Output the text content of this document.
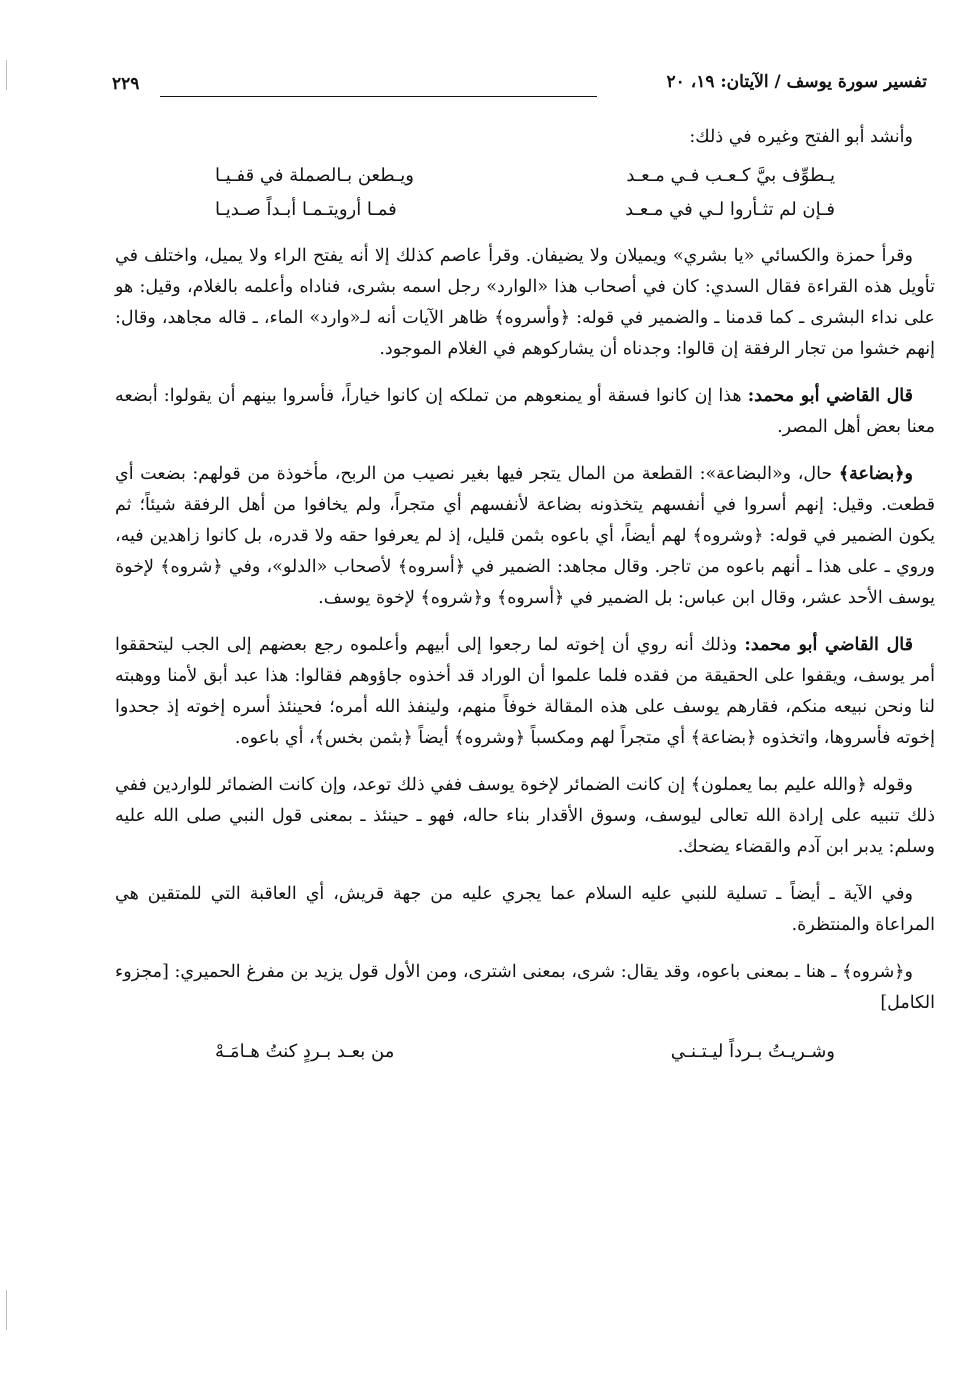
تفسير سورة يوسف / الآيتان: ١٩، ٢٠
٢٢٩

وأنشد أبو الفتح وغيره في ذلك:

يـطوِّف بيَّ كـعـب فـي مـعـد
ويـطعن بـالصملة في قفـيـا
فـإن لم تثـأروا لـي في مـعـد
فمـا أرويتـمـا أبـداً صـديـا

وقرأ حمزة والكسائي «يا بشري» ويميلان ولا يضيفان. وقرأ عاصم كذلك إلا أنه يفتح الراء ولا يميل، واختلف في تأويل هذه القراءة فقال السدي: كان في أصحاب هذا «الوارد» رجل اسمه بشرى، فناداه وأعلمه بالغلام، وقيل: هو على نداء البشرى ـ كما قدمنا ـ والضمير في قوله: ﴿وأسروه﴾ ظاهر الآيات أنه لـ«وارد» الماء، ـ قاله مجاهد، وقال: إنهم خشوا من تجار الرفقة إن قالوا: وجدناه أن يشاركوهم في الغلام الموجود.

قال القاضي أبو محمد: هذا إن كانوا فسقة أو يمنعوهم من تملكه إن كانوا خياراً، فأسروا بينهم أن يقولوا: أبضعه معنا بعض أهل المصر.

و﴿بضاعة﴾ حال، و«البضاعة»: القطعة من المال يتجر فيها بغير نصيب من الربح، مأخوذة من قولهم: بضعت أي قطعت. وقيل: إنهم أسروا في أنفسهم يتخذونه بضاعة لأنفسهم أي متجراً، ولم يخافوا من أهل الرفقة شيئاً؛ ثم يكون الضمير في قوله: ﴿وشروه﴾ لهم أيضاً، أي باعوه بثمن قليل، إذ لم يعرفوا حقه ولا قدره، بل كانوا زاهدين فيه، وروي ـ على هذا ـ أنهم باعوه من تاجر. وقال مجاهد: الضمير في ﴿أسروه﴾ لأصحاب «الدلو»، وفي ﴿شروه﴾ لإخوة يوسف الأحد عشر، وقال ابن عباس: بل الضمير في ﴿أسروه﴾ و﴿شروه﴾ لإخوة يوسف.

قال القاضي أبو محمد: وذلك أنه روي أن إخوته لما رجعوا إلى أبيهم وأعلموه رجع بعضهم إلى الجب ليتحققوا أمر يوسف، ويقفوا على الحقيقة من فقده فلما علموا أن الوراد قد أخذوه جاؤوهم فقالوا: هذا عبد أبق لأمنا ووهبته لنا ونحن نبيعه منكم، فقارهم يوسف على هذه المقالة خوفاً منهم، ولينفذ الله أمره؛ فحينئذ أسره إخوته إذ جحدوا إخوته فأسروها، واتخذوه ﴿بضاعة﴾ أي متجراً لهم ومكسباً ﴿وشروه﴾ أيضاً ﴿بثمن بخس﴾، أي باعوه.

وقوله ﴿والله عليم بما يعملون﴾ إن كانت الضمائر لإخوة يوسف ففي ذلك توعد، وإن كانت الضمائر للواردين ففي ذلك تنبيه على إرادة الله تعالى ليوسف، وسوق الأقدار بناء حاله، فهو ـ حينئذ ـ بمعنى قول النبي صلى الله عليه وسلم: يدبر ابن آدم والقضاء يضحك.

وفي الآية ـ أيضاً ـ تسلية للنبي عليه السلام عما يجري عليه من جهة قريش، أي العاقبة التي للمتقين هي المراعاة والمنتظرة.

و﴿شروه﴾ ـ هنا ـ بمعنى باعوه، وقد يقال: شرى، بمعنى اشترى، ومن الأول قول يزيد بن مفرغ الحميري: [مجزوء الكامل]

وشـريـتُ بـرداً ليـتـنـي
من بعـد بـردٍ كنتُ هـامَـهْ
